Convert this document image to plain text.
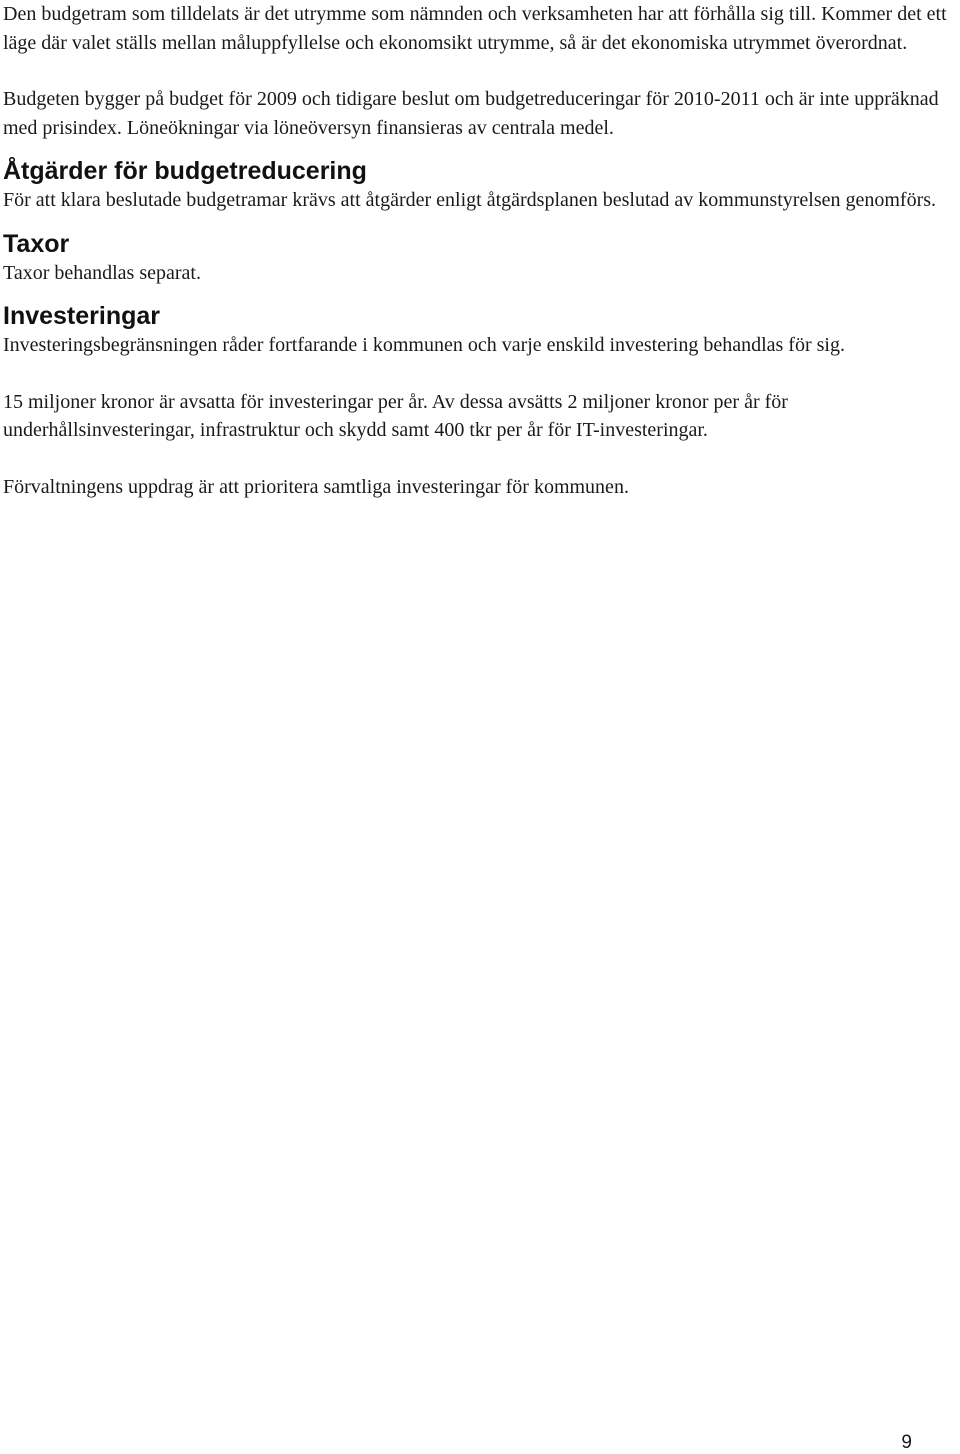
Den budgetram som tilldelats är det utrymme som nämnden och verksamheten har att förhålla sig till. Kommer det ett läge där valet ställs mellan måluppfyllelse och ekonomsikt utrymme, så är det ekonomiska utrymmet överordnat.

Budgeten bygger på budget för 2009 och tidigare beslut om budgetreduceringar för 2010-2011 och är inte uppräknad med prisindex. Löneökningar via löneöversyn finansieras av centrala medel.

Åtgärder för budgetreducering

För att klara beslutade budgetramar krävs att åtgärder enligt åtgärdsplanen beslutad av kommunstyrelsen genomförs.

Taxor

Taxor behandlas separat.

Investeringar

Investeringsbegränsningen råder fortfarande i kommunen och varje enskild investering behandlas för sig.

15 miljoner kronor är avsatta för investeringar per år. Av dessa avsätts 2 miljoner kronor per år för underhållsinvesteringar, infrastruktur och skydd samt 400 tkr per år för IT-investeringar.

Förvaltningens uppdrag är att prioritera samtliga investeringar för kommunen.

9
